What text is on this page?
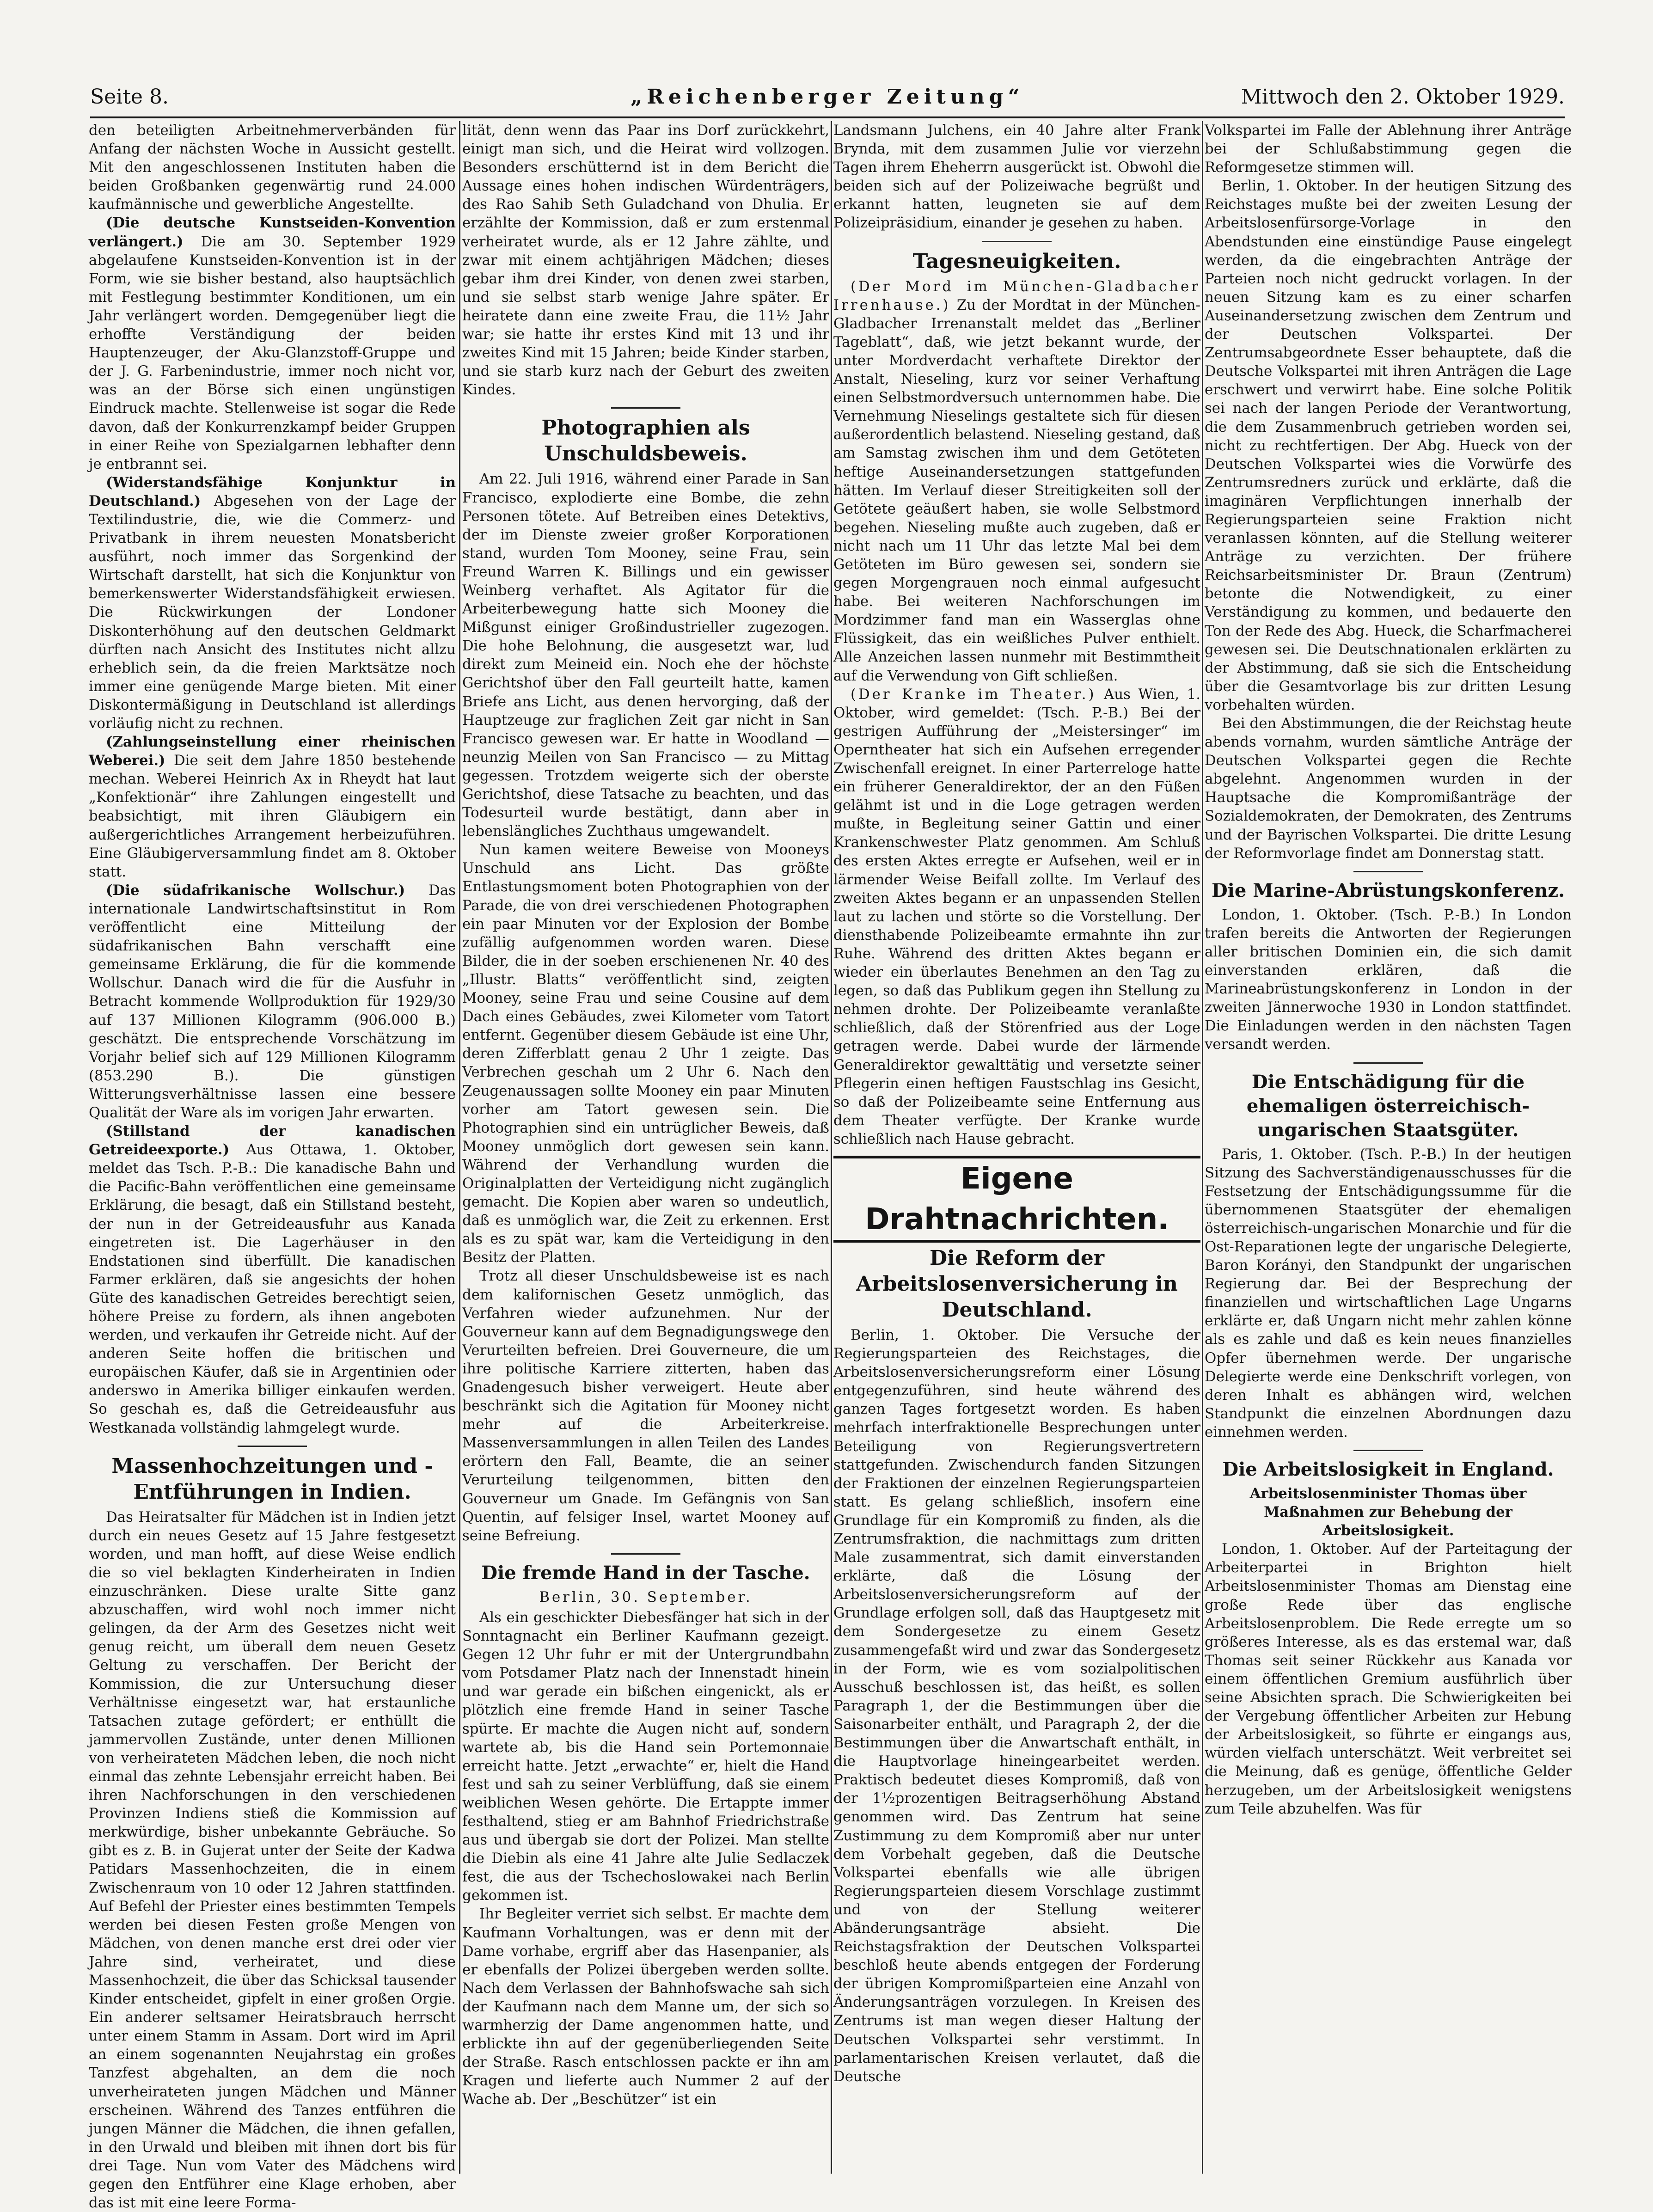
Seite 8.	„Reichenberger Zeitung“	Mittwoch den 2. Oktober 1929.

den beteiligten Arbeitnehmerverbänden für Anfang der nächsten Woche in Aussicht gestellt. Mit den angeschlossenen Instituten haben die beiden Großbanken gegenwärtig rund 24.000 kaufmännische und gewerbliche Angestellte.

(Die deutsche Kunstseiden-Konvention verlängert.) Die am 30. September 1929 abgelaufene Kunstseiden-Konvention ist in der Form, wie sie bisher bestand, also hauptsächlich mit Festlegung bestimmter Konditionen, um ein Jahr verlängert worden. Demgegenüber liegt die erhoffte Verständigung der beiden Hauptenzeuger, der Aku-Glanzstoff-Gruppe und der J. G. Farbenindustrie, immer noch nicht vor, was an der Börse sich einen ungünstigen Eindruck machte. Stellenweise ist sogar die Rede davon, daß der Konkurrenzkampf beider Gruppen in einer Reihe von Spezialgarnen lebhafter denn je entbrannt sei.

(Widerstandsfähige Konjunktur in Deutschland.) Abgesehen von der Lage der Textilindustrie, die, wie die Commerz- und Privatbank in ihrem neuesten Monatsbericht ausführt, noch immer das Sorgenkind der Wirtschaft darstellt, hat sich die Konjunktur von bemerkenswerter Widerstandsfähigkeit erwiesen. Die Rückwirkungen der Londoner Diskonterhöhung auf den deutschen Geldmarkt dürften nach Ansicht des Institutes nicht allzu erheblich sein, da die freien Marktsätze noch immer eine genügende Marge bieten. Mit einer Diskontermäßigung in Deutschland ist allerdings vorläufig nicht zu rechnen.

(Zahlungseinstellung einer rheinischen Weberei.) Die seit dem Jahre 1850 bestehende mechan. Weberei Heinrich Ax in Rheydt hat laut „Konfektionär“ ihre Zahlungen eingestellt und beabsichtigt, mit ihren Gläubigern ein außergerichtliches Arrangement herbeizuführen. Eine Gläubigerversammlung findet am 8. Oktober statt.

(Die südafrikanische Wollschur.) Das internationale Landwirtschaftsinstitut in Rom veröffentlicht eine Mitteilung der südafrikanischen Bahn verschafft eine gemeinsame Erklärung, die für die kommende Wollschur. Danach wird die für die Ausfuhr in Betracht kommende Wollproduktion für 1929/30 auf 137 Millionen Kilogramm (906.000 B.) geschätzt. Die entsprechende Vorschätzung im Vorjahr belief sich auf 129 Millionen Kilogramm (853.290 B.). Die günstigen Witterungsverhältnisse lassen eine bessere Qualität der Ware als im vorigen Jahr erwarten.

(Stillstand der kanadischen Getreideexporte.) Aus Ottawa, 1. Oktober, meldet das Tsch. P.-B.: Die kanadische Bahn und die Pacific-Bahn veröffentlichen eine gemeinsame Erklärung, die besagt, daß ein Stillstand besteht, der nun in der Getreideausfuhr aus Kanada eingetreten ist. Die Lagerhäuser in den Endstationen sind überfüllt. Die kanadischen Farmer erklären, daß sie angesichts der hohen Güte des kanadischen Getreides berechtigt seien, höhere Preise zu fordern, als ihnen angeboten werden, und verkaufen ihr Getreide nicht. Auf der anderen Seite hoffen die britischen und europäischen Käufer, daß sie in Argentinien oder anderswo in Amerika billiger einkaufen werden. So geschah es, daß die Getreideausfuhr aus Westkanada vollständig lahmgelegt wurde.

Massenhochzeitungen und -Entführungen in Indien.

Das Heiratsalter für Mädchen ist in Indien jetzt durch ein neues Gesetz auf 15 Jahre festgesetzt worden, und man hofft, auf diese Weise endlich die so viel beklagten Kinderheiraten in Indien einzuschränken. Diese uralte Sitte ganz abzuschaffen, wird wohl noch immer nicht gelingen, da der Arm des Gesetzes nicht weit genug reicht, um überall dem neuen Gesetz Geltung zu verschaffen. Der Bericht der Kommission, die zur Untersuchung dieser Verhältnisse eingesetzt war, hat erstaunliche Tatsachen zutage gefördert; er enthüllt die jammervollen Zustände, unter denen Millionen von verheirateten Mädchen leben, die noch nicht einmal das zehnte Lebensjahr erreicht haben. Bei ihren Nachforschungen in den verschiedenen Provinzen Indiens stieß die Kommission auf merkwürdige, bisher unbekannte Gebräuche. So gibt es z. B. in Gujerat unter der Seite der Kadwa Patidars Massenhochzeiten, die in einem Zwischenraum von 10 oder 12 Jahren stattfinden. Auf Befehl der Priester eines bestimmten Tempels werden bei diesen Festen große Mengen von Mädchen, von denen manche erst drei oder vier Jahre sind, verheiratet, und diese Massenhochzeit, die über das Schicksal tausender Kinder entscheidet, gipfelt in einer großen Orgie. Ein anderer seltsamer Heiratsbrauch herrscht unter einem Stamm in Assam. Dort wird im April an einem sogenannten Neujahrstag ein großes Tanzfest abgehalten, an dem die noch unverheirateten jungen Mädchen und Männer erscheinen. Während des Tanzes entführen die jungen Männer die Mädchen, die ihnen gefallen, in den Urwald und bleiben mit ihnen dort bis für drei Tage. Nun vom Vater des Mädchens wird gegen den Entführer eine Klage erhoben, aber das ist mit eine leere Forma-

lität, denn wenn das Paar ins Dorf zurückkehrt, einigt man sich, und die Heirat wird vollzogen. Besonders erschütternd ist in dem Bericht die Aussage eines hohen indischen Würdenträgers, des Rao Sahib Seth Guladchand von Dhulia. Er erzählte der Kommission, daß er zum erstenmal verheiratet wurde, als er 12 Jahre zählte, und zwar mit einem achtjährigen Mädchen; dieses gebar ihm drei Kinder, von denen zwei starben, und sie selbst starb wenige Jahre später. Er heiratete dann eine zweite Frau, die 11½ Jahr war; sie hatte ihr erstes Kind mit 13 und ihr zweites Kind mit 15 Jahren; beide Kinder starben, und sie starb kurz nach der Geburt des zweiten Kindes.

Photographien als Unschuldsbeweis.

Am 22. Juli 1916, während einer Parade in San Francisco, explodierte eine Bombe, die zehn Personen tötete. Auf Betreiben eines Detektivs, der im Dienste zweier großer Korporationen stand, wurden Tom Mooney, seine Frau, sein Freund Warren K. Billings und ein gewisser Weinberg verhaftet. Als Agitator für die Arbeiterbewegung hatte sich Mooney die Mißgunst einiger Großindustrieller zugezogen. Die hohe Belohnung, die ausgesetzt war, lud direkt zum Meineid ein. Noch ehe der höchste Gerichtshof über den Fall geurteilt hatte, kamen Briefe ans Licht, aus denen hervorging, daß der Hauptzeuge zur fraglichen Zeit gar nicht in San Francisco gewesen war. Er hatte in Woodland — neunzig Meilen von San Francisco — zu Mittag gegessen. Trotzdem weigerte sich der oberste Gerichtshof, diese Tatsache zu beachten, und das Todesurteil wurde bestätigt, dann aber in lebenslängliches Zuchthaus umgewandelt.

Nun kamen weitere Beweise von Mooneys Unschuld ans Licht. Das größte Entlastungsmoment boten Photographien von der Parade, die von drei verschiedenen Photographen ein paar Minuten vor der Explosion der Bombe zufällig aufgenommen worden waren. Diese Bilder, die in der soeben erschienenen Nr. 40 des „Illustr. Blatts“ veröffentlicht sind, zeigten Mooney, seine Frau und seine Cousine auf dem Dach eines Gebäudes, zwei Kilometer vom Tatort entfernt. Gegenüber diesem Gebäude ist eine Uhr, deren Zifferblatt genau 2 Uhr 1 zeigte. Das Verbrechen geschah um 2 Uhr 6. Nach den Zeugenaussagen sollte Mooney ein paar Minuten vorher am Tatort gewesen sein. Die Photographien sind ein untrüglicher Beweis, daß Mooney unmöglich dort gewesen sein kann. Während der Verhandlung wurden die Originalplatten der Verteidigung nicht zugänglich gemacht. Die Kopien aber waren so undeutlich, daß es unmöglich war, die Zeit zu erkennen. Erst als es zu spät war, kam die Verteidigung in den Besitz der Platten.

Trotz all dieser Unschuldsbeweise ist es nach dem kalifornischen Gesetz unmöglich, das Verfahren wieder aufzunehmen. Nur der Gouverneur kann auf dem Begnadigungswege den Verurteilten befreien. Drei Gouverneure, die um ihre politische Karriere zitterten, haben das Gnadengesuch bisher verweigert. Heute aber beschränkt sich die Agitation für Mooney nicht mehr auf die Arbeiterkreise. Massenversammlungen in allen Teilen des Landes erörtern den Fall, Beamte, die an seiner Verurteilung teilgenommen, bitten den Gouverneur um Gnade. Im Gefängnis von San Quentin, auf felsiger Insel, wartet Mooney auf seine Befreiung.

Die fremde Hand in der Tasche.

Berlin, 30. September.

Als ein geschickter Diebesfänger hat sich in der Sonntagnacht ein Berliner Kaufmann gezeigt. Gegen 12 Uhr fuhr er mit der Untergrundbahn vom Potsdamer Platz nach der Innenstadt hinein und war gerade ein bißchen eingenickt, als er plötzlich eine fremde Hand in seiner Tasche spürte. Er machte die Augen nicht auf, sondern wartete ab, bis die Hand sein Portemonnaie erreicht hatte. Jetzt „erwachte“ er, hielt die Hand fest und sah zu seiner Verblüffung, daß sie einem weiblichen Wesen gehörte. Die Ertappte immer festhaltend, stieg er am Bahnhof Friedrichstraße aus und übergab sie dort der Polizei. Man stellte die Diebin als eine 41 Jahre alte Julie Sedlaczek fest, die aus der Tschechoslowakei nach Berlin gekommen ist.

Ihr Begleiter verriet sich selbst. Er machte dem Kaufmann Vorhaltungen, was er denn mit der Dame vorhabe, ergriff aber das Hasenpanier, als er ebenfalls der Polizei übergeben werden sollte. Nach dem Verlassen der Bahnhofswache sah sich der Kaufmann nach dem Manne um, der sich so warmherzig der Dame angenommen hatte, und erblickte ihn auf der gegenüberliegenden Seite der Straße. Rasch entschlossen packte er ihn am Kragen und lieferte auch Nummer 2 auf der Wache ab. Der „Beschützer“ ist ein

Landsmann Julchens, ein 40 Jahre alter Frank Brynda, mit dem zusammen Julie vor vierzehn Tagen ihrem Eheherrn ausgerückt ist. Obwohl die beiden sich auf der Polizeiwache begrüßt und erkannt hatten, leugneten sie auf dem Polizeipräsidium, einander je gesehen zu haben.

Tagesneuigkeiten.

(Der Mord im München-Gladbacher Irrenhause.) Zu der Mordtat in der München-Gladbacher Irrenanstalt meldet das „Berliner Tageblatt“, daß, wie jetzt bekannt wurde, der unter Mordverdacht verhaftete Direktor der Anstalt, Nieseling, kurz vor seiner Verhaftung einen Selbstmordversuch unternommen habe. Die Vernehmung Nieselings gestaltete sich für diesen außerordentlich belastend. Nieseling gestand, daß am Samstag zwischen ihm und dem Getöteten heftige Auseinandersetzungen stattgefunden hätten. Im Verlauf dieser Streitigkeiten soll der Getötete geäußert haben, sie wolle Selbstmord begehen. Nieseling mußte auch zugeben, daß er nicht nach um 11 Uhr das letzte Mal bei dem Getöteten im Büro gewesen sei, sondern sie gegen Morgengrauen noch einmal aufgesucht habe. Bei weiteren Nachforschungen im Mordzimmer fand man ein Wasserglas ohne Flüssigkeit, das ein weißliches Pulver enthielt. Alle Anzeichen lassen nunmehr mit Bestimmtheit auf die Verwendung von Gift schließen.

(Der Kranke im Theater.) Aus Wien, 1. Oktober, wird gemeldet: (Tsch. P.-B.) Bei der gestrigen Aufführung der „Meistersinger“ im Operntheater hat sich ein Aufsehen erregender Zwischenfall ereignet. In einer Parterreloge hatte ein früherer Generaldirektor, der an den Füßen gelähmt ist und in die Loge getragen werden mußte, in Begleitung seiner Gattin und einer Krankenschwester Platz genommen. Am Schluß des ersten Aktes erregte er Aufsehen, weil er in lärmender Weise Beifall zollte. Im Verlauf des zweiten Aktes begann er an unpassenden Stellen laut zu lachen und störte so die Vorstellung. Der diensthabende Polizeibeamte ermahnte ihn zur Ruhe. Während des dritten Aktes begann er wieder ein überlautes Benehmen an den Tag zu legen, so daß das Publikum gegen ihn Stellung zu nehmen drohte. Der Polizeibeamte veranlaßte schließlich, daß der Störenfried aus der Loge getragen werde. Dabei wurde der lärmende Generaldirektor gewalttätig und versetzte seiner Pflegerin einen heftigen Faustschlag ins Gesicht, so daß der Polizeibeamte seine Entfernung aus dem Theater verfügte. Der Kranke wurde schließlich nach Hause gebracht.

Eigene Drahtnachrichten.
Die Reform der Arbeitslosenversicherung in Deutschland.

Berlin, 1. Oktober. Die Versuche der Regierungsparteien des Reichstages, die Arbeitslosenversicherungsreform einer Lösung entgegenzuführen, sind heute während des ganzen Tages fortgesetzt worden. Es haben mehrfach interfraktionelle Besprechungen unter Beteiligung von Regierungsvertretern stattgefunden. Zwischendurch fanden Sitzungen der Fraktionen der einzelnen Regierungsparteien statt. Es gelang schließlich, insofern eine Grundlage für ein Kompromiß zu finden, als die Zentrumsfraktion, die nachmittags zum dritten Male zusammentrat, sich damit einverstanden erklärte, daß die Lösung der Arbeitslosenversicherungsreform auf der Grundlage erfolgen soll, daß das Hauptgesetz mit dem Sondergesetze zu einem Gesetz zusammengefaßt wird und zwar das Sondergesetz in der Form, wie es vom sozialpolitischen Ausschuß beschlossen ist, das heißt, es sollen Paragraph 1, der die Bestimmungen über die Saisonarbeiter enthält, und Paragraph 2, der die Bestimmungen über die Anwartschaft enthält, in die Hauptvorlage hineingearbeitet werden. Praktisch bedeutet dieses Kompromiß, daß von der 1½prozentigen Beitragserhöhung Abstand genommen wird. Das Zentrum hat seine Zustimmung zu dem Kompromiß aber nur unter dem Vorbehalt gegeben, daß die Deutsche Volkspartei ebenfalls wie alle übrigen Regierungsparteien diesem Vorschlage zustimmt und von der Stellung weiterer Abänderungsanträge absieht. Die Reichstagsfraktion der Deutschen Volkspartei beschloß heute abends entgegen der Forderung der übrigen Kompromißparteien eine Anzahl von Änderungsanträgen vorzulegen. In Kreisen des Zentrums ist man wegen dieser Haltung der Deutschen Volkspartei sehr verstimmt. In parlamentarischen Kreisen verlautet, daß die Deutsche

Volkspartei im Falle der Ablehnung ihrer Anträge bei der Schlußabstimmung gegen die Reformgesetze stimmen will.

Berlin, 1. Oktober. In der heutigen Sitzung des Reichstages mußte bei der zweiten Lesung der Arbeitslosenfürsorge-Vorlage in den Abendstunden eine einstündige Pause eingelegt werden, da die eingebrachten Anträge der Parteien noch nicht gedruckt vorlagen. In der neuen Sitzung kam es zu einer scharfen Auseinandersetzung zwischen dem Zentrum und der Deutschen Volkspartei. Der Zentrumsabgeordnete Esser behauptete, daß die Deutsche Volkspartei mit ihren Anträgen die Lage erschwert und verwirrt habe. Eine solche Politik sei nach der langen Periode der Verantwortung, die dem Zusammenbruch getrieben worden sei, nicht zu rechtfertigen. Der Abg. Hueck von der Deutschen Volkspartei wies die Vorwürfe des Zentrumsredners zurück und erklärte, daß die imaginären Verpflichtungen innerhalb der Regierungsparteien seine Fraktion nicht veranlassen könnten, auf die Stellung weiterer Anträge zu verzichten. Der frühere Reichsarbeitsminister Dr. Braun (Zentrum) betonte die Notwendigkeit, zu einer Verständigung zu kommen, und bedauerte den Ton der Rede des Abg. Hueck, die Scharfmacherei gewesen sei. Die Deutschnationalen erklärten zu der Abstimmung, daß sie sich die Entscheidung über die Gesamtvorlage bis zur dritten Lesung vorbehalten würden.

Bei den Abstimmungen, die der Reichstag heute abends vornahm, wurden sämtliche Anträge der Deutschen Volkspartei gegen die Rechte abgelehnt. Angenommen wurden in der Hauptsache die Kompromißanträge der Sozialdemokraten, der Demokraten, des Zentrums und der Bayrischen Volkspartei. Die dritte Lesung der Reformvorlage findet am Donnerstag statt.

Die Marine-Abrüstungskonferenz.

London, 1. Oktober. (Tsch. P.-B.) In London trafen bereits die Antworten der Regierungen aller britischen Dominien ein, die sich damit einverstanden erklären, daß die Marineabrüstungskonferenz in London in der zweiten Jännerwoche 1930 in London stattfindet. Die Einladungen werden in den nächsten Tagen versandt werden.

Die Entschädigung für die ehemaligen österreichisch-ungarischen Staatsgüter.

Paris, 1. Oktober. (Tsch. P.-B.) In der heutigen Sitzung des Sachverständigenausschusses für die Festsetzung der Entschädigungssumme für die übernommenen Staatsgüter der ehemaligen österreichisch-ungarischen Monarchie und für die Ost-Reparationen legte der ungarische Delegierte, Baron Korányi, den Standpunkt der ungarischen Regierung dar. Bei der Besprechung der finanziellen und wirtschaftlichen Lage Ungarns erklärte er, daß Ungarn nicht mehr zahlen könne als es zahle und daß es kein neues finanzielles Opfer übernehmen werde. Der ungarische Delegierte werde eine Denkschrift vorlegen, von deren Inhalt es abhängen wird, welchen Standpunkt die einzelnen Abordnungen dazu einnehmen werden.

Die Arbeitslosigkeit in England.

Arbeitslosenminister Thomas über Maßnahmen zur Behebung der Arbeitslosigkeit.

London, 1. Oktober. Auf der Parteitagung der Arbeiterpartei in Brighton hielt Arbeitslosenminister Thomas am Dienstag eine große Rede über das englische Arbeitslosenproblem. Die Rede erregte um so größeres Interesse, als es das erstemal war, daß Thomas seit seiner Rückkehr aus Kanada vor einem öffentlichen Gremium ausführlich über seine Absichten sprach. Die Schwierigkeiten bei der Vergebung öffentlicher Arbeiten zur Hebung der Arbeitslosigkeit, so führte er eingangs aus, würden vielfach unterschätzt. Weit verbreitet sei die Meinung, daß es genüge, öffentliche Gelder herzugeben, um der Arbeitslosigkeit wenigstens zum Teile abzuhelfen. Was für
